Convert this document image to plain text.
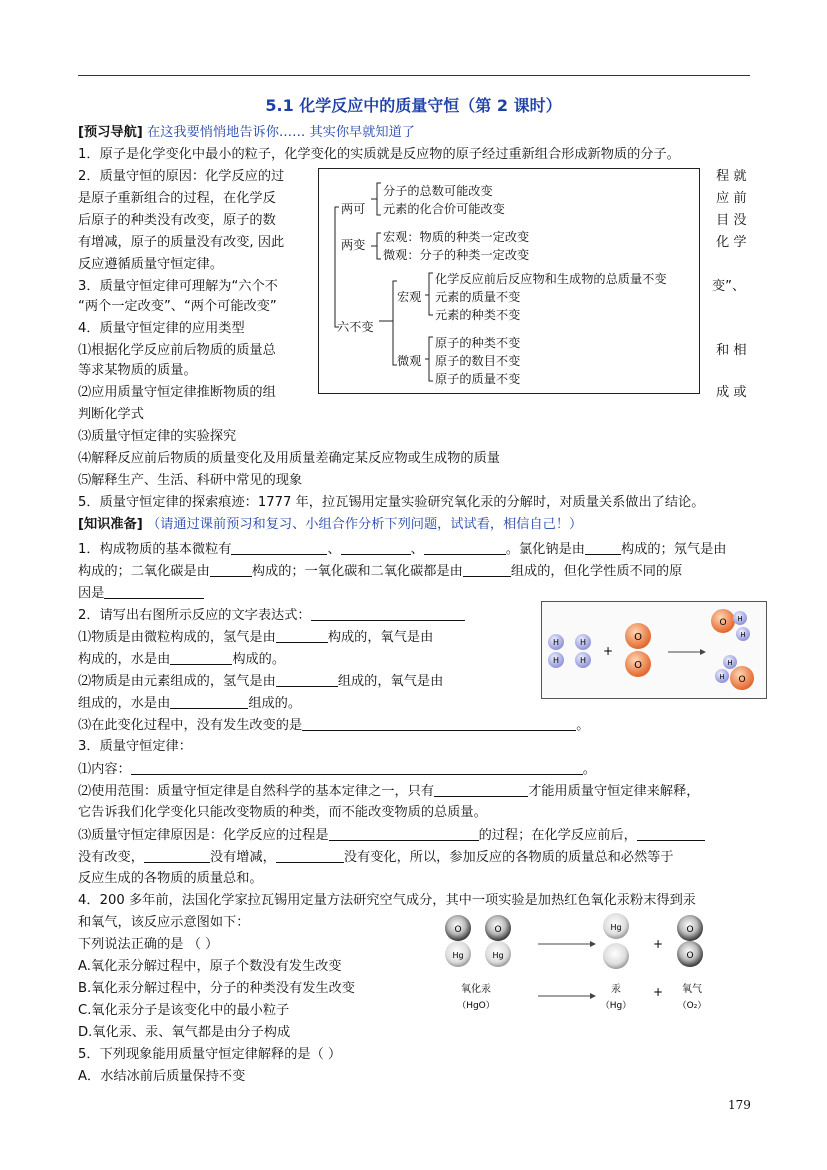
5.1 化学反应中的质量守恒（第 2 课时）
[预习导航] 在这我要悄悄地告诉你…… 其实你早就知道了
1．原子是化学变化中最小的粒子，化学变化的实质就是反应物的原子经过重新组合形成新物质的分子。
2．质量守恒的原因：化学反应的过
是原子重新组合的过程，在化学反
后原子的种类没有改变，原子的数
有增减，原子的质量没有改变, 因此
反应遵循质量守恒定律。
3．质量守恒定律可理解为“六个不
“两个一定改变”、“两个可能改变”
4．质量守恒定律的应用类型
⑴根据化学反应前后物质的质量总
等求某物质的质量。
⑵应用质量守恒定律推断物质的组
判断化学式
⑶质量守恒定律的实验探究
⑷解释反应前后物质的质量变化及用质量差确定某反应物或生成物的质量
⑸解释生产、生活、科研中常见的现象
5．质量守恒定律的探索痕迹：1777 年，拉瓦锡用定量实验研究氧化汞的分解时，对质量关系做出了结论。
程 就
应 前
目 没
化 学
变”、
和 相
成 或
两可
分子的总数可能改变
元素的化合价可能改变
两变
宏观：物质的种类一定改变
微观：分子的种类一定改变
六不变
宏观
化学反应前后反应物和生成物的总质量不变
元素的质量不变
元素的种类不变
微观
原子的种类不变
原子的数目不变
原子的质量不变
[知识准备] （请通过课前预习和复习、小组合作分析下列问题，试试看，相信自己！）
1．构成物质的基本微粒有	、	、	。氯化钠是由	构成的；氖气是由
构成的；二氧化碳是由	构成的；一氧化碳和二氧化碳都是由	组成的，但化学性质不同的原
因是
2．请写出右图所示反应的文字表达式：
⑴物质是由微粒构成的，氢气是由	构成的，氧气是由
构成的，水是由	构成的。
⑵物质是由元素组成的，氢气是由	组成的，氧气是由
组成的，水是由	组成的。
⑶在此变化过程中，没有发生改变的是	。
3．质量守恒定律：
⑴内容：	。
⑵使用范围：质量守恒定律是自然科学的基本定律之一，只有	才能用质量守恒定律来解释，
它告诉我们化学变化只能改变物质的种类，而不能改变物质的总质量。
⑶质量守恒定律原因是：化学反应的过程是	的过程；在化学反应前后，
没有改变，	没有增减，	没有变化，所以，参加反应的各物质的质量总和必然等于
反应生成的各物质的质量总和。
4．200 多年前，法国化学家拉瓦锡用定量方法研究空气成分，其中一项实验是加热红色氧化汞粉末得到汞
和氧气，该反应示意图如下：
下列说法正确的是 （ ）
A.氧化汞分解过程中，原子个数没有发生改变
B.氧化汞分解过程中，分子的种类没有发生改变
C.氧化汞分子是该变化中的最小粒子
D.氧化汞、汞、氧气都是由分子构成
5．下列现象能用质量守恒定律解释的是（ ）
A．水结冰前后质量保持不变
H
H
H
H
+
O
O
O H
H
O
H
H
O
Hg
O
Hg
Hg
+
O
O
氧化汞
（HgO）
汞
（Hg）
+ 氧气
（O₂）
179
